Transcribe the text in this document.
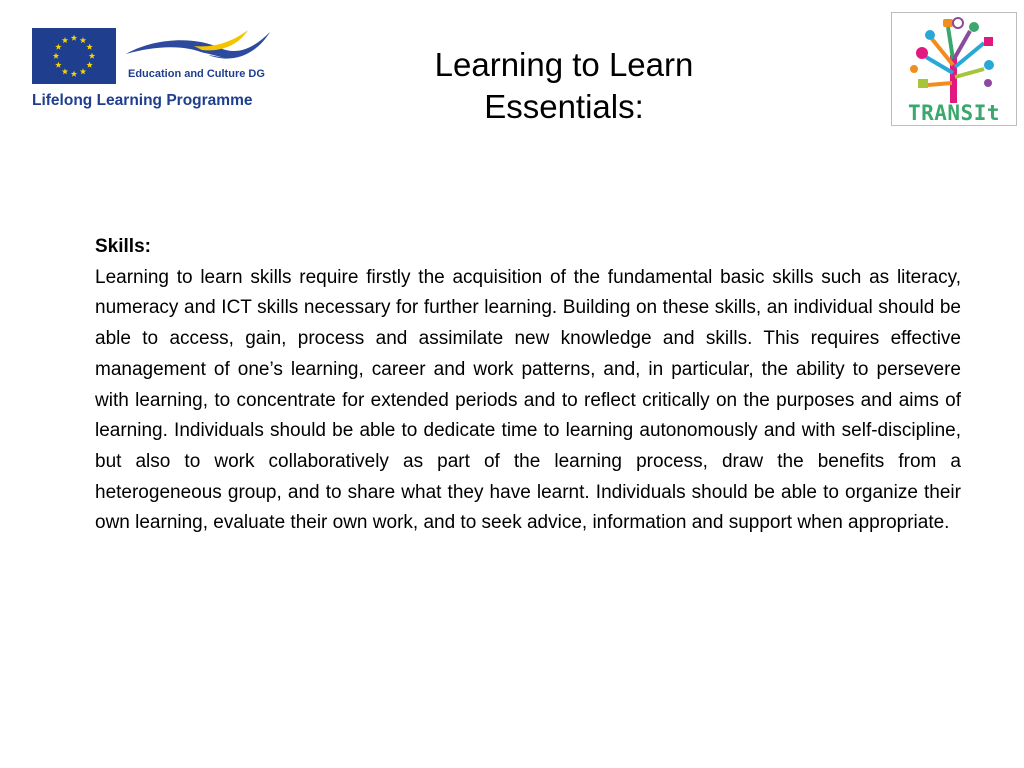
Education and Culture DG
Lifelong Learning Programme
Learning to Learn
Essentials:	TRANSIt

Skills:

Learning to learn skills require firstly the acquisition of the fundamental basic skills such as literacy, numeracy and ICT skills necessary for further learning. Building on these skills, an individual should be able to access, gain, process and assimilate new knowledge and skills. This requires effective management of one’s learning, career and work patterns, and, in particular, the ability to persevere with learning, to concentrate for extended periods and to reflect critically on the purposes and aims of learning. Individuals should be able to dedicate time to learning autonomously and with self-discipline, but also to work collaboratively as part of the learning process, draw the benefits from a heterogeneous group, and to share what they have learnt. Individuals should be able to organize their own learning, evaluate their own work, and to seek advice, information and support when appropriate.
